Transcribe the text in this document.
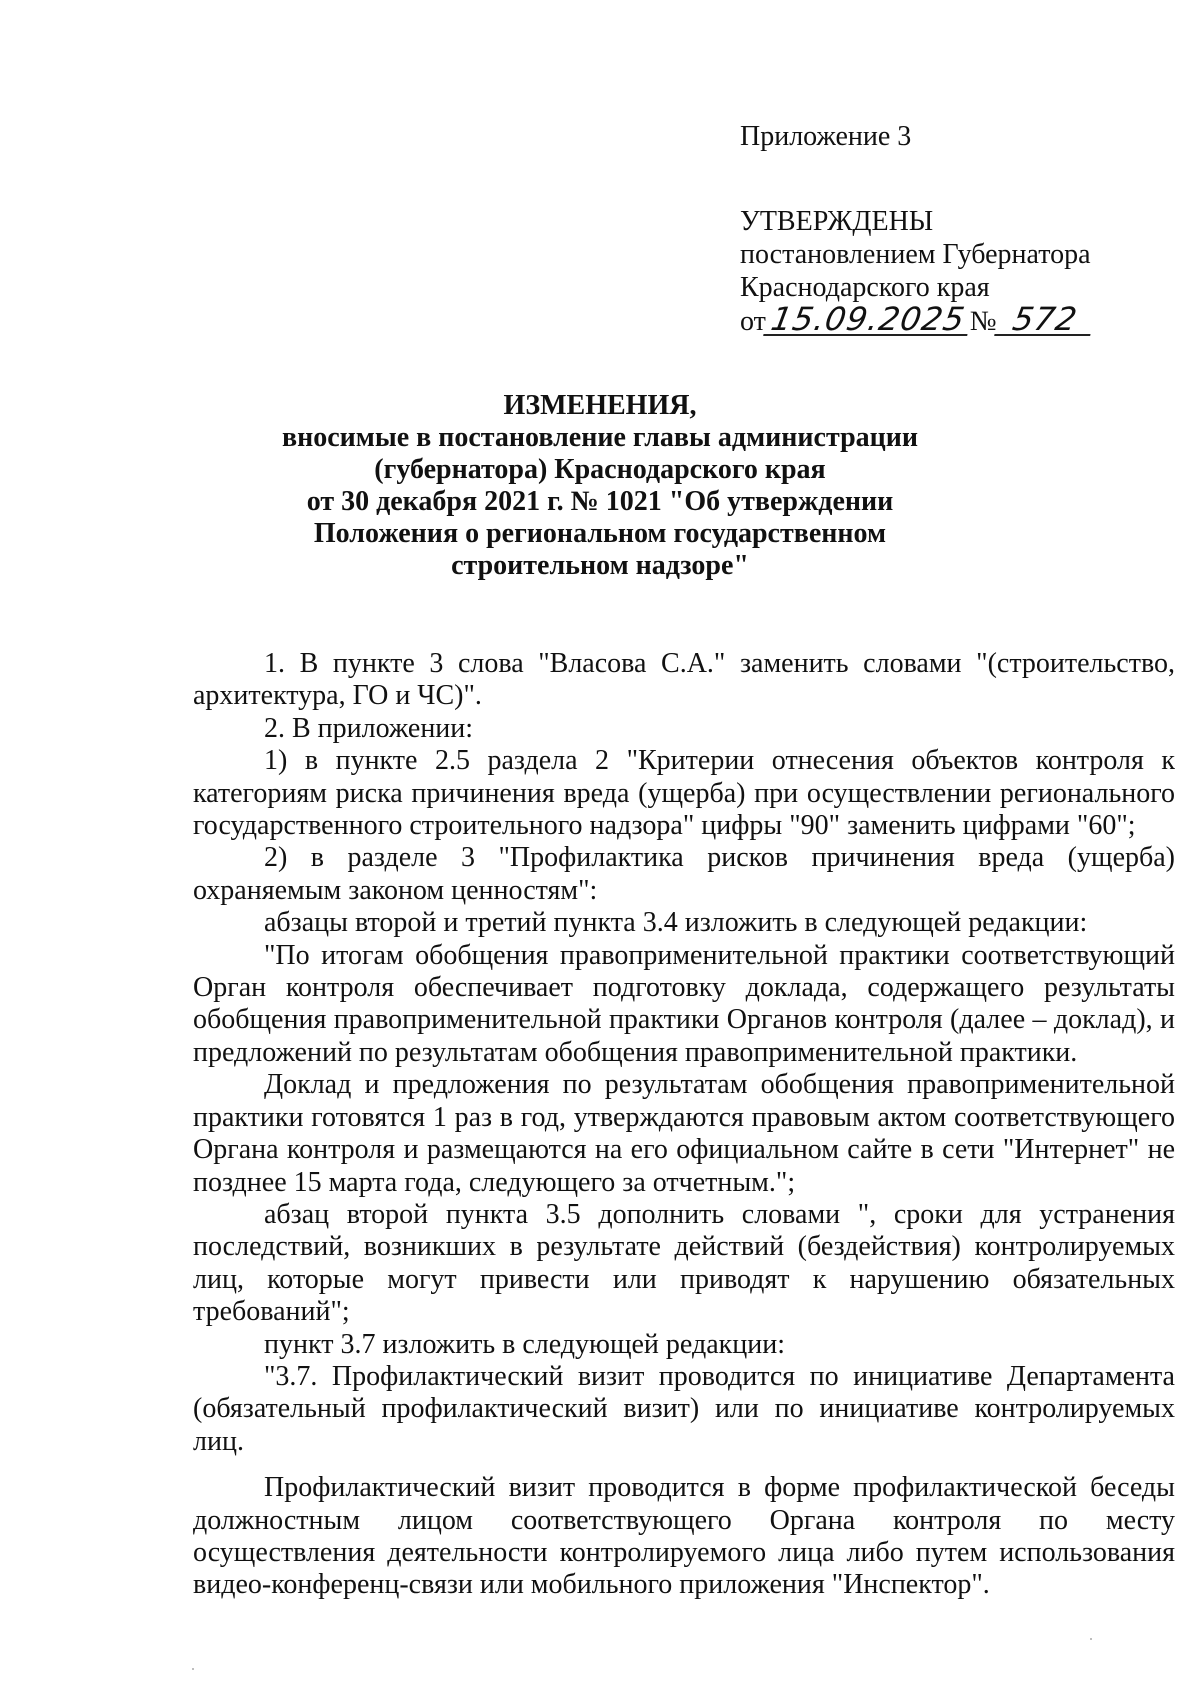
Приложение 3
УТВЕРЖДЕНЫ
постановлением Губернатора
Краснодарского края
от15.09.2025№ 572
ИЗМЕНЕНИЯ,
вносимые в постановление главы администрации
(губернатора) Краснодарского края
от 30 декабря 2021 г. № 1021 "Об утверждении
Положения о региональном государственном
строительном надзоре"

1. В пункте 3 слова "Власова С.А." заменить словами "(строительство, архитектура, ГО и ЧС)".

2. В приложении:

1) в пункте 2.5 раздела 2 "Критерии отнесения объектов контроля к категориям риска причинения вреда (ущерба) при осуществлении регионального государственного строительного надзора" цифры "90" заменить цифрами "60";

2) в разделе 3 "Профилактика рисков причинения вреда (ущерба) охраняемым законом ценностям":

абзацы второй и третий пункта 3.4 изложить в следующей редакции:

"По итогам обобщения правоприменительной практики соответствующий Орган контроля обеспечивает подготовку доклада, содержащего результаты обобщения правоприменительной практики Органов контроля (далее – доклад), и предложений по результатам обобщения правоприменительной практики.

Доклад и предложения по результатам обобщения правоприменительной практики готовятся 1 раз в год, утверждаются правовым актом соответствующего Органа контроля и размещаются на его официальном сайте в сети "Интернет" не позднее 15 марта года, следующего за отчетным.";

абзац второй пункта 3.5 дополнить словами ", сроки для устранения последствий, возникших в результате действий (бездействия) контролируемых лиц, которые могут привести или приводят к нарушению обязательных требований";

пункт 3.7 изложить в следующей редакции:

"3.7. Профилактический визит проводится по инициативе Департамента (обязательный профилактический визит) или по инициативе контролируемых лиц.

Профилактический визит проводится в форме профилактической беседы должностным лицом соответствующего Органа контроля по месту осуществления деятельности контролируемого лица либо путем использования видео-конференц-связи или мобильного приложения "Инспектор".
